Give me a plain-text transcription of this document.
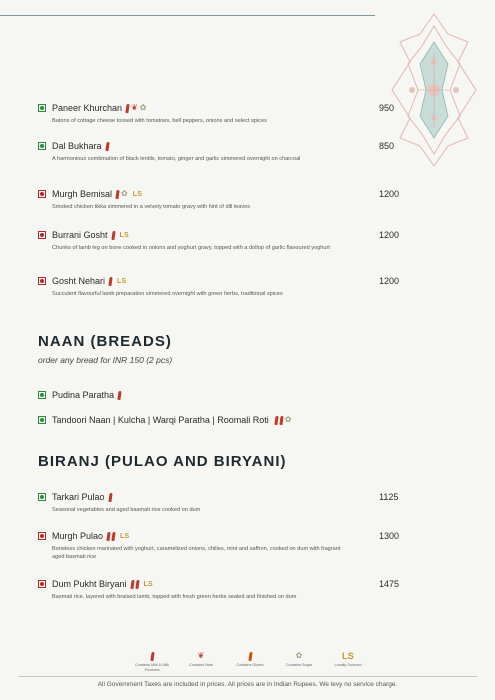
Paneer Khurchan ❦ ✿
Batons of cottage cheese tossed with tomatoes, bell peppers, onions and select spices
950
Dal Bukhara
A harmonious combination of black lentils, tomato, ginger and garlic simmered overnight on charcoal
850
Murgh Bemisal ✿ LS
Smoked chicken tikka simmered in a velvety tomato gravy with hint of dill leaves
1200
Burrani Gosht LS
Chunks of lamb leg on bone cooked in onions and yoghurt gravy, topped with a dollop of garlic flavoured yoghurt
1200
Gosht Nehari LS
Succulent flavourful lamb preparation simmered overnight with green herbs, traditional spices
1200
NAAN (BREADS)
order any bread for INR 150 (2 pcs)
Pudina Paratha
Tandoori Naan | Kulcha | Warqi Paratha | Roomali Roti ✿
BIRANJ (PULAO AND BIRYANI)
Tarkari Pulao
Seasonal vegetables and aged basmati rice cooked on dum
1125
Murgh Pulao LS
Boneless chicken marinated with yoghurt, caramelized onions, chilies, mint and saffron, cooked on dum with fragrant aged basmati rice
1300
Dum Pukht Biryani LS
Basmati rice, layered with braised lamb, topped with fresh green herbs sealed and finished on dum
1475
Contains Milk & Milk Products
❦
Contains Nuts	Contains Gluten
✿
Contains Sugar
LS
Locally Sourced
All Government Taxes are included in prices. All prices are in Indian Rupees. We levy no service charge.
